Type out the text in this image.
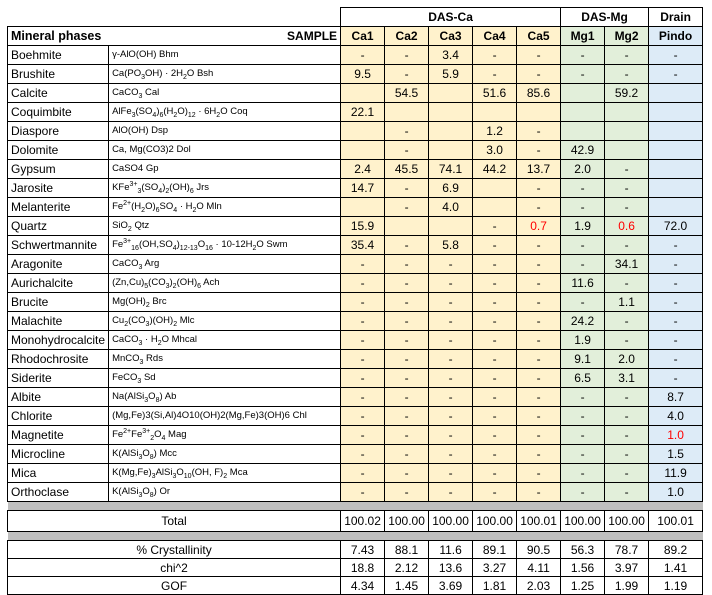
		DAS-Ca					DAS-Mg		Drain
Mineral phases	SAMPLE	Ca1	Ca2	Ca3	Ca4	Ca5	Mg1	Mg2	Pindo
Boehmite	γ-AlO(OH) Bhm	-	-	3.4	-	-	-	-	-
Brushite	$Ca(PO_3OH) \cdot 2H_2O$ Bsh	9.5	-	5.9	-	-	-	-	-
Calcite	CaCO$_3$ Cal		54.5		51.6	85.6		59.2	
Coquimbite	$AlFe_3(SO_4)_6(H_2O)_{12} \cdot 6H_2O$ Coq	22.1							
Diaspore	AlO(OH) Dsp		-		1.2	-			
Dolomite	Ca, Mg(CO3)2 Dol		-		3.0	-	42.9		
Gypsum	CaSO4 Gp	2.4	45.5	74.1	44.2	13.7	2.0	-	
Jarosite	$KFe^{3+}_3(SO_4)_2(OH)_6$ Jrs	14.7	-	6.9		-	-	-	
Melanterite	$Fe^{2+}(H_2O)_6SO_4 \cdot H_2O$ Mln		-	4.0		-	-	-	
Quartz	SiO$_2$ Qtz	15.9			-	0.7	1.9	0.6	72.0
Schwertmannite	$Fe^{3+}_{16}(OH,SO_4)_{12-13}O_{16} \cdot 10-12H_2O$ Swm	35.4	-	5.8	-	-	-	-	-
Aragonite	CaCO$_3$ Arg	-	-	-	-	-	-	34.1	-
Aurichalcite	$(Zn,Cu)_5(CO_3)_2(OH)_6$ Ach	-	-	-	-	-	11.6	-	-
Brucite	$Mg(OH)_2$ Brc	-	-	-	-	-	-	1.1	-
Malachite	$Cu_2(CO_3)(OH)_2$ Mlc	-	-	-	-	-	24.2	-	-
Monohydrocalcite	CaCO$_3$ · $H_2O$ Mhcal	-	-	-	-	-	1.9	-	-
Rhodochrosite	MnCO$_3$ Rds	-	-	-	-	-	9.1	2.0	-
Siderite	FeCO$_3$ Sd	-	-	-	-	-	6.5	3.1	-
Albite	$Na(AlSi_3O_8)$ Ab	-	-	-	-	-	-	-	8.7
Chlorite	(Mg,Fe)3(Si,Al)4O10(OH)2(Mg,Fe)3(OH)6 Chl	-	-	-	-	-	-	-	4.0
Magnetite	$Fe^{2+}Fe^{3+}_2O_4$ Mag	-	-	-	-	-	-	-	1.0
Microcline	$K(AlSi_3O_8)$ Mcc	-	-	-	-	-	-	-	1.5
Mica	$K(Mg,Fe)_3AlSi_3O_{10}(OH$, $F)_2$ Mca	-	-	-	-	-	-	-	11.9
Orthoclase	$K(AlSi_3O_8)$ Or	-	-	-	-	-	-	-	1.0

Total		100.02	100.00	100.00	100.00	100.01	100.00	100.00	100.01

% Crystallinity		7.43	88.1	11.6	89.1	90.5	56.3	78.7	89.2
chi^2		18.8	2.12	13.6	3.27	4.11	1.56	3.97	1.41
GOF		4.34	1.45	3.69	1.81	2.03	1.25	1.99	1.19
